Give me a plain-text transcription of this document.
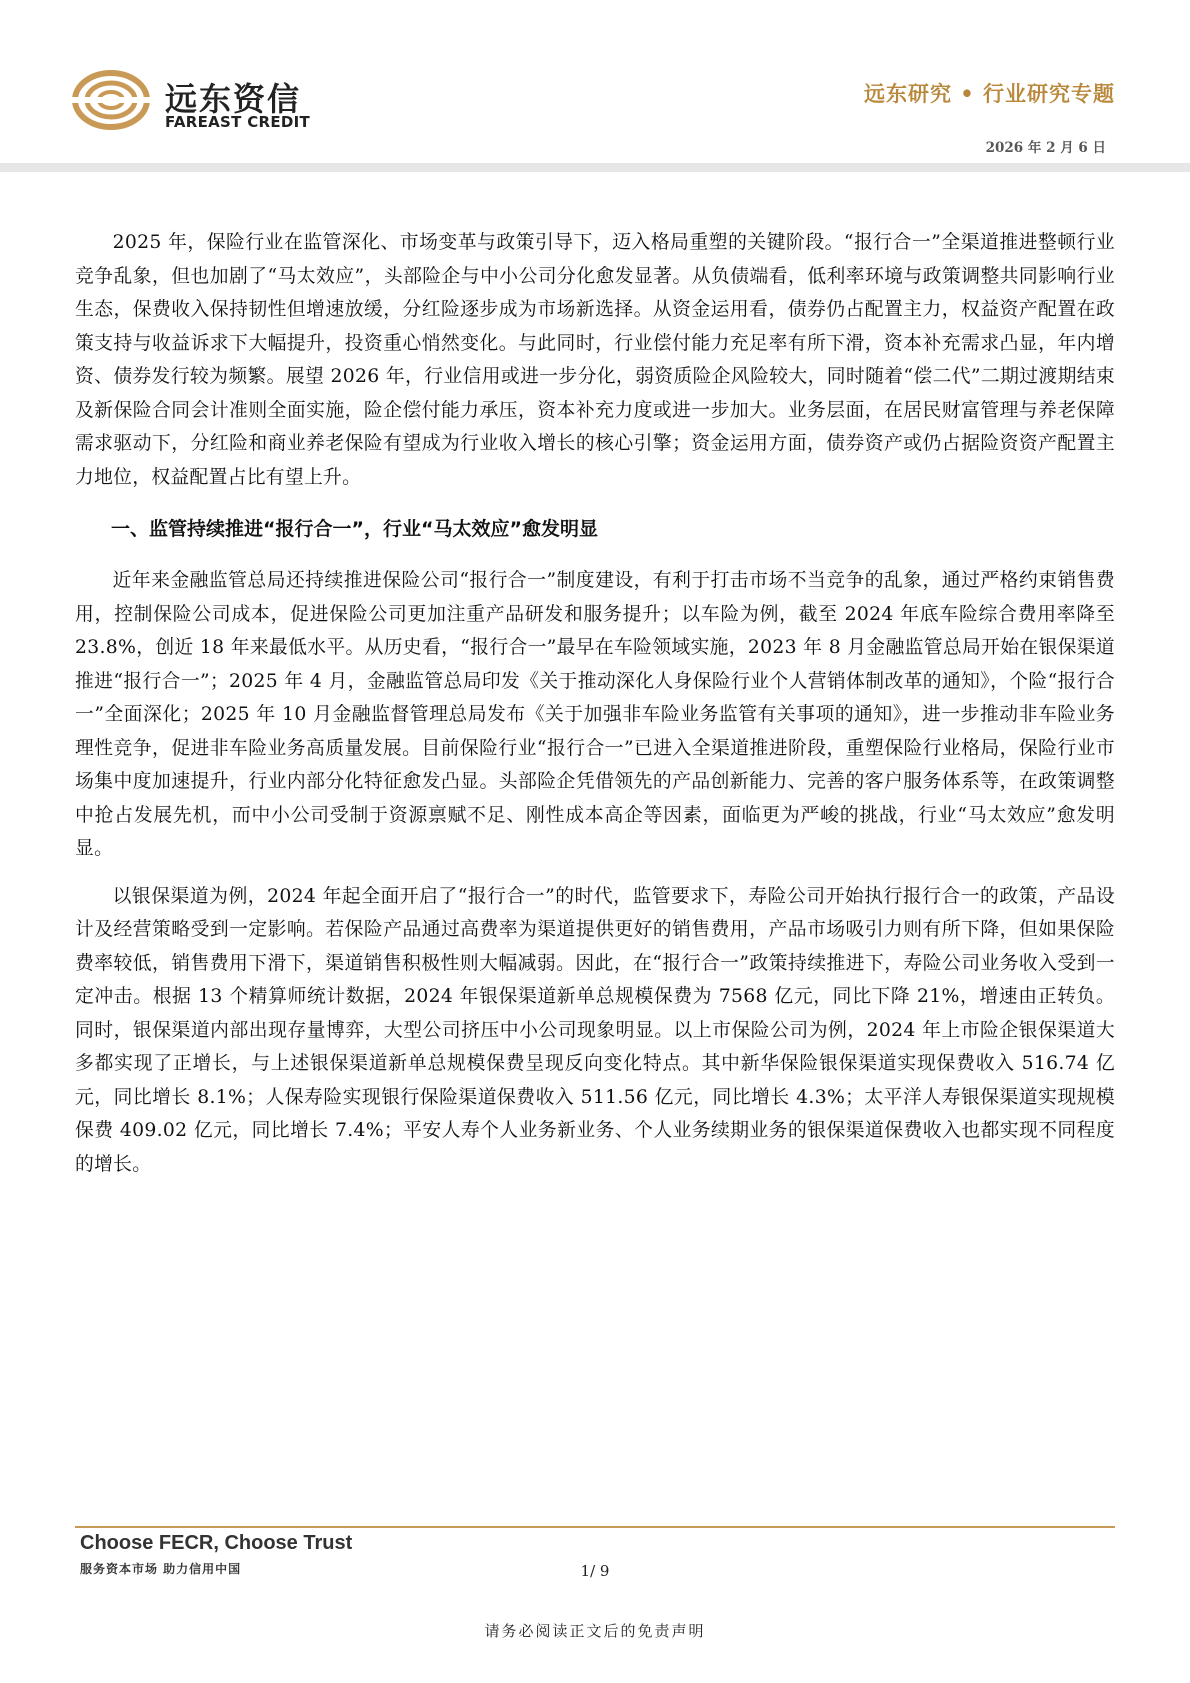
远东资信
FAREAST CREDIT
远东研究 • 行业研究专题
2026 年 2 月 6 日

2025 年，保险行业在监管深化、市场变革与政策引导下，迈入格局重塑的关键阶段。“报行合一”全渠道推进整顿行业竞争乱象，但也加剧了“马太效应”，头部险企与中小公司分化愈发显著。从负债端看，低利率环境与政策调整共同影响行业生态，保费收入保持韧性但增速放缓，分红险逐步成为市场新选择。从资金运用看，债券仍占配置主力，权益资产配置在政策支持与收益诉求下大幅提升，投资重心悄然变化。与此同时，行业偿付能力充足率有所下滑，资本补充需求凸显，年内增资、债券发行较为频繁。展望 2026 年，行业信用或进一步分化，弱资质险企风险较大，同时随着“偿二代”二期过渡期结束及新保险合同会计准则全面实施，险企偿付能力承压，资本补充力度或进一步加大。业务层面，在居民财富管理与养老保障需求驱动下，分红险和商业养老保险有望成为行业收入增长的核心引擎；资金运用方面，债券资产或仍占据险资资产配置主力地位，权益配置占比有望上升。

一、监管持续推进“报行合一”，行业“马太效应”愈发明显

近年来金融监管总局还持续推进保险公司“报行合一”制度建设，有利于打击市场不当竞争的乱象，通过严格约束销售费用，控制保险公司成本，促进保险公司更加注重产品研发和服务提升；以车险为例，截至 2024 年底车险综合费用率降至 23.8%，创近 18 年来最低水平。从历史看，“报行合一”最早在车险领域实施，2023 年 8 月金融监管总局开始在银保渠道推进“报行合一”；2025 年 4 月，金融监管总局印发《关于推动深化人身保险行业个人营销体制改革的通知》，个险“报行合一”全面深化；2025 年 10 月金融监督管理总局发布《关于加强非车险业务监管有关事项的通知》，进一步推动非车险业务理性竞争，促进非车险业务高质量发展。目前保险行业“报行合一”已进入全渠道推进阶段，重塑保险行业格局，保险行业市场集中度加速提升，行业内部分化特征愈发凸显。头部险企凭借领先的产品创新能力、完善的客户服务体系等，在政策调整中抢占发展先机，而中小公司受制于资源禀赋不足、刚性成本高企等因素，面临更为严峻的挑战，行业“马太效应”愈发明显。

以银保渠道为例，2024 年起全面开启了“报行合一”的时代，监管要求下，寿险公司开始执行报行合一的政策，产品设计及经营策略受到一定影响。若保险产品通过高费率为渠道提供更好的销售费用，产品市场吸引力则有所下降，但如果保险费率较低，销售费用下滑下，渠道销售积极性则大幅减弱。因此，在“报行合一”政策持续推进下，寿险公司业务收入受到一定冲击。根据 13 个精算师统计数据，2024 年银保渠道新单总规模保费为 7568 亿元，同比下降 21%，增速由正转负。同时，银保渠道内部出现存量博弈，大型公司挤压中小公司现象明显。以上市保险公司为例，2024 年上市险企银保渠道大多都实现了正增长，与上述银保渠道新单总规模保费呈现反向变化特点。其中新华保险银保渠道实现保费收入 516.74 亿元，同比增长 8.1%；人保寿险实现银行保险渠道保费收入 511.56 亿元，同比增长 4.3%；太平洋人寿银保渠道实现规模保费 409.02 亿元，同比增长 7.4%；平安人寿个人业务新业务、个人业务续期业务的银保渠道保费收入也都实现不同程度的增长。

Choose FECR, Choose Trust
服务资本市场 助力信用中国	1/ 9
请务必阅读正文后的免责声明
